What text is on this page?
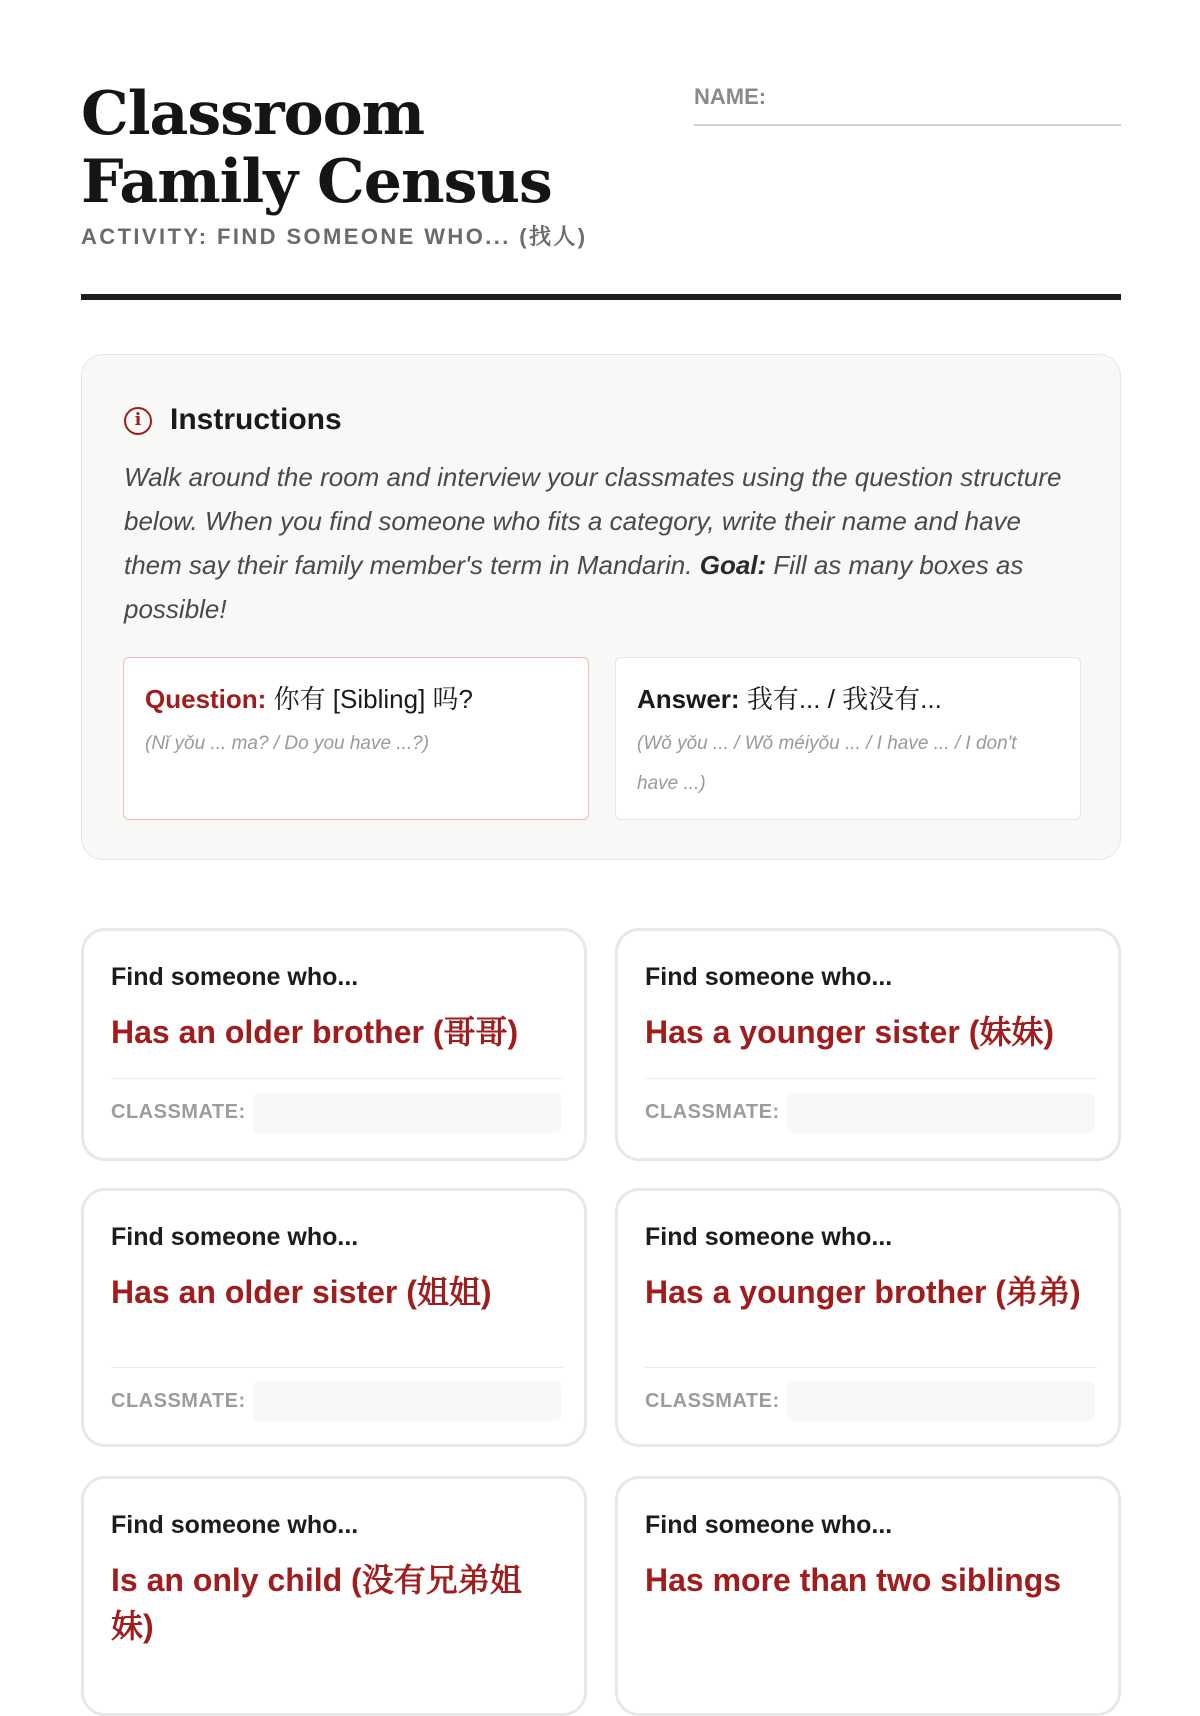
Classroom Family Census
ACTIVITY: FIND SOMEONE WHO... (找人)
NAME:
i Instructions

Walk around the room and interview your classmates using the question structure below. When you find someone who fits a category, write their name and have them say their family member's term in Mandarin. Goal: Fill as many boxes as possible!

Question: 你有 [Sibling] 吗?
(Nǐ yǒu ... ma? / Do you have ...?)
Answer: 我有... / 我没有...
(Wǒ yǒu ... / Wǒ méiyǒu ... / I have ... / I don't have ...)
Find someone who...
Has an older brother (哥哥)
CLASSMATE:
Find someone who...
Has a younger sister (妹妹)
CLASSMATE:
Find someone who...
Has an older sister (姐姐)
CLASSMATE:
Find someone who...
Has a younger brother (弟弟)
CLASSMATE:
Find someone who...
Is an only child (没有兄弟姐妹)
Find someone who...
Has more than two siblings
